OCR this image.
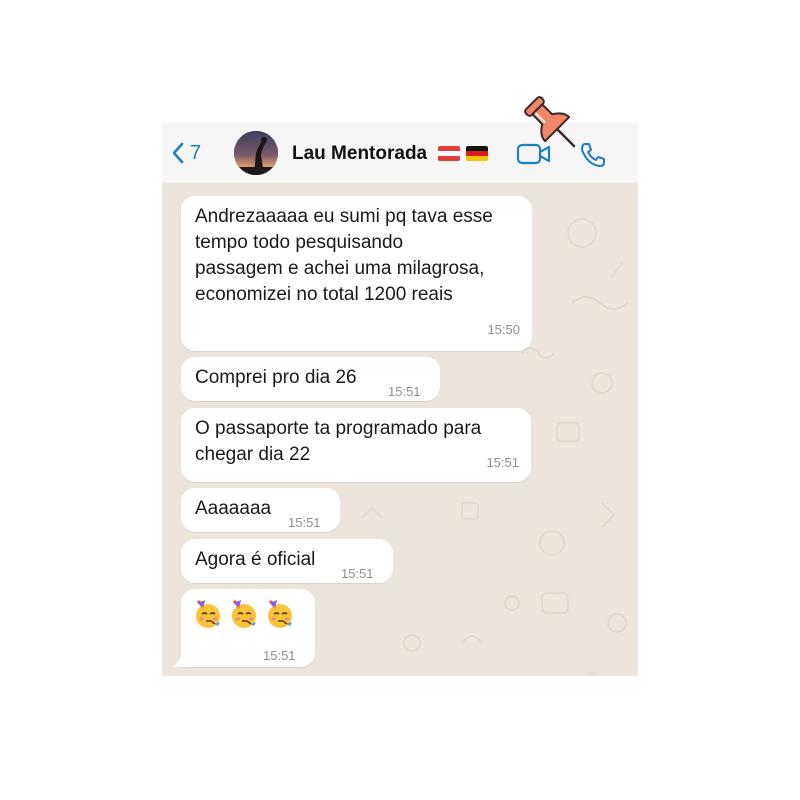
7	Lau Mentorada
Andrezaaaaa eu sumi pq tava esse
tempo todo pesquisando
passagem e achei uma milagrosa,
economizei no total 1200 reais
15:50
Comprei pro dia 26
15:51
O passaporte ta programado para
chegar dia 22	15:51
Aaaaaaa
15:51
Agora é oficial
15:51
15:51
